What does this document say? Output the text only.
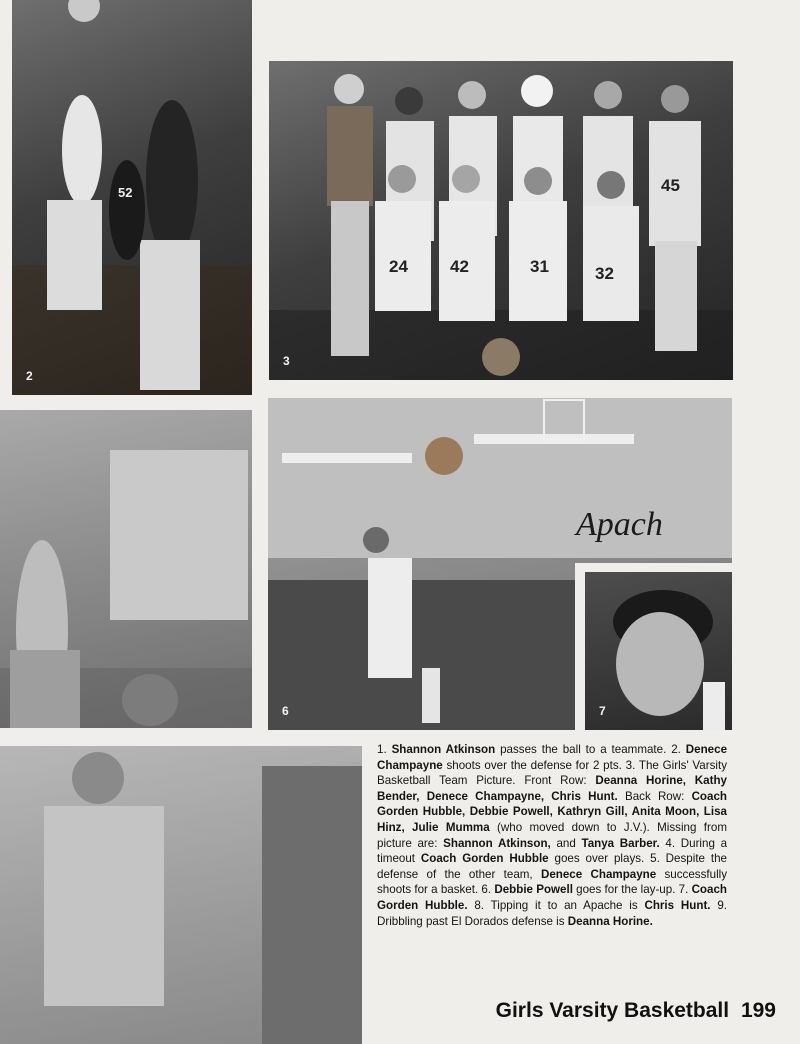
52
2
45
24 42	31	32
3
Apach
6	7
1. Shannon Atkinson passes the ball to a teammate. 2. Denece Champayne shoots over the defense for 2 pts. 3. The Girls' Varsity Basketball Team Picture. Front Row: Deanna Horine, Kathy Bender, Denece Champayne, Chris Hunt. Back Row: Coach Gorden Hubble, Debbie Powell, Kathryn Gill, Anita Moon, Lisa Hinz, Julie Mumma (who moved down to J.V.). Missing from picture are: Shannon Atkinson, and Tanya Barber. 4. During a timeout Coach Gorden Hubble goes over plays. 5. Despite the defense of the other team, Denece Champayne successfully shoots for a basket. 6. Debbie Powell goes for the lay-up. 7. Coach Gorden Hubble. 8. Tipping it to an Apache is Chris Hunt. 9. Dribbling past El Dorados defense is Deanna Horine.
Girls Varsity Basketball 199
